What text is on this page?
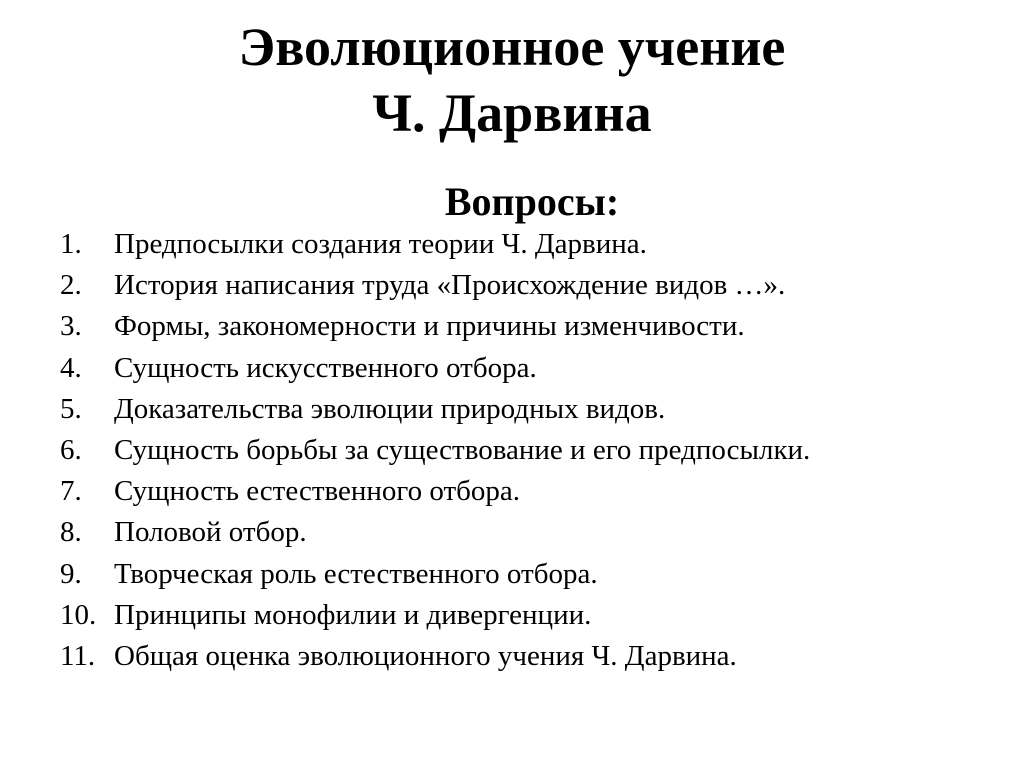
Эволюционное учение
Ч. Дарвина
Вопросы:
1. Предпосылки создания теории Ч. Дарвина.
2. История написания труда «Происхождение видов …».
3. Формы, закономерности и причины изменчивости.
4. Сущность искусственного отбора.
5. Доказательства эволюции природных видов.
6. Сущность борьбы за существование и его предпосылки.
7. Сущность естественного отбора.
8. Половой отбор.
9. Творческая роль естественного отбора.
10. Принципы монофилии и дивергенции.
11. Общая оценка эволюционного учения Ч. Дарвина.
